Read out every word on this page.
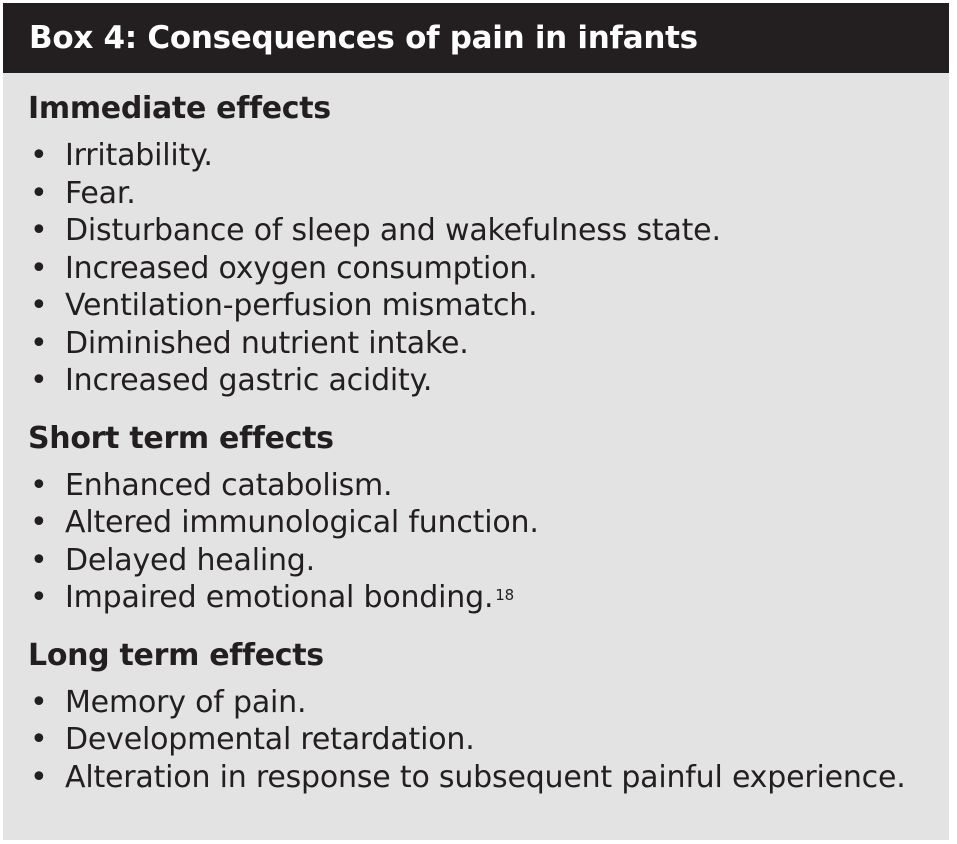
Box 4: Consequences of pain in infants
Immediate effects
• Irritability.
• Fear.
• Disturbance of sleep and wakefulness state.
• Increased oxygen consumption.
• Ventilation-perfusion mismatch.
• Diminished nutrient intake.
• Increased gastric acidity.
Short term effects
• Enhanced catabolism.
• Altered immunological function.
• Delayed healing.
• Impaired emotional bonding. $^{18}$
Long term effects
• Memory of pain.
• Developmental retardation.
• Alteration in response to subsequent painful experience.
